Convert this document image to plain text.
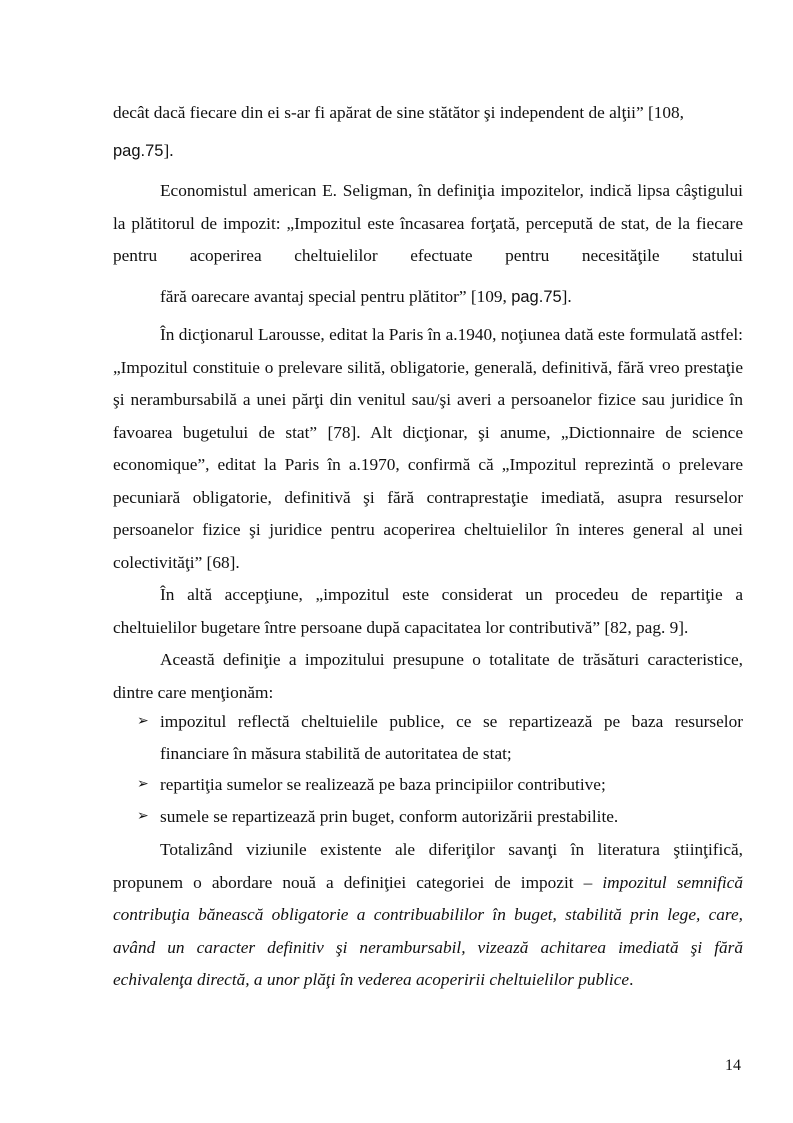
decât dacă fiecare din ei s-ar fi apărat de sine stătător şi independent de alţii” [108,
pag.75].

Economistul american E. Seligman, în definiţia impozitelor, indică lipsa câştigului la plătitorul de impozit: „Impozitul este încasarea forţată, percepută de stat, de la fiecare pentru acoperirea cheltuielilor efectuate pentru necesităţile statului fără oarecare avantaj special pentru plătitor” [109, pag.75].

În dicţionarul Larousse, editat la Paris în a.1940, noţiunea dată este formulată astfel: „Impozitul constituie o prelevare silită, obligatorie, generală, definitivă, fără vreo prestaţie şi nerambursabilă a unei părţi din venitul sau/şi averi a persoanelor fizice sau juridice în favoarea bugetului de stat” [78]. Alt dicţionar, şi anume, „Dictionnaire de science economique”, editat la Paris în a.1970, confirmă că „Impozitul reprezintă o prelevare pecuniară obligatorie, definitivă şi fără contraprestaţie imediată, asupra resurselor persoanelor fizice şi juridice pentru acoperirea cheltuielilor în interes general al unei colectivităţi” [68].

În altă accepţiune, „impozitul este considerat un procedeu de repartiţie a cheltuielilor bugetare între persoane după capacitatea lor contributivă” [82, pag. 9].

Această definiţie a impozitului presupune o totalitate de trăsături caracteristice, dintre care menţionăm:

➢ impozitul reflectă cheltuielile publice, ce se repartizează pe baza resurselor financiare în măsura stabilită de autoritatea de stat;
➢ repartiţia sumelor se realizează pe baza principiilor contributive;
➢ sumele se repartizează prin buget, conform autorizării prestabilite.

Totalizând viziunile existente ale diferiţilor savanţi în literatura ştiinţifică, propunem o abordare nouă a definiţiei categoriei de impozit – impozitul semnifică contribuţia bănească obligatorie a contribuabililor în buget, stabilită prin lege, care, având un caracter definitiv şi nerambursabil, vizează achitarea imediată şi fără echivalenţa directă, a unor plăţi în vederea acoperirii cheltuielilor publice.

14
